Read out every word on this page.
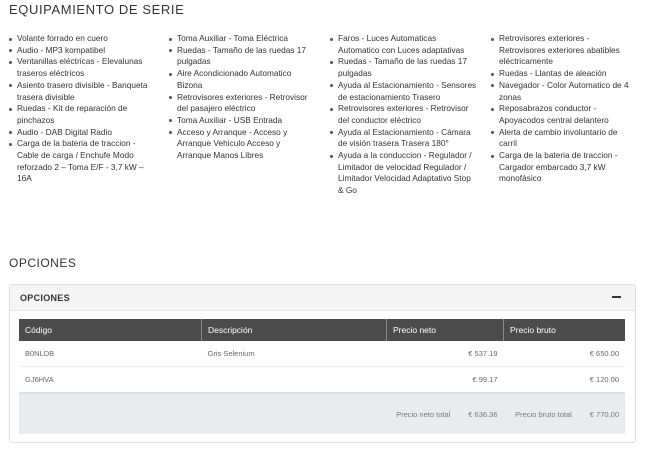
EQUIPAMIENTO DE SERIE
Volante forrado en cuero
Audio - MP3 kompatibel
Ventanillas eléctricas - Elevalunas traseros eléctricos
Asiento trasero divisible - Banqueta trasera divisible
Ruedas - Kit de reparación de pinchazos
Audio - DAB Digital Radio
Carga de la bateria de traccion - Cable de carga / Enchufe Modo reforzado 2 – Toma E/F - 3,7 kW – 16A
Toma Auxiliar - Toma Eléctrica
Ruedas - Tamaño de las ruedas 17 pulgadas
Aire Acondicionado Automatico Bizona
Retrovisores exteriores - Retrovisor del pasajero eléctrico
Toma Auxiliar - USB Entrada
Acceso y Arranque - Acceso y Arranque Vehiculo Acceso y Arranque Manos Libres
Faros - Luces Automaticas Automatico con Luces adaptativas
Ruedas - Tamaño de las ruedas 17 pulgadas
Ayuda al Estacionamiento - Sensores de estacionamiento Trasero
Retrovisores exteriores - Retrovisor del conductor eléctrico
Ayuda al Estacionamiento - Cámara de visión trasera Trasera 180°
Ayuda a la conduccion - Regulador / Limitador de velocidad Regulador / Limitador Velocidad Adaptativo Stop & Go
Retrovisores exteriores - Retrovisores exteriores abatibles eléctricamente
Ruedas - Llantas de aleación
Navegador - Color Automatico de 4 zonas
Reposabrazos conductor - Apoyacodos central delantero
Alerta de cambio involuntario de carril
Carga de la bateria de traccion - Cargador embarcado 3,7 kW monofásico
OPCIONES
OPCIONES
Código	Descripción	Precio neto	Precio bruto
B0NLDB	Gris Selenium	€ 537.19	€ 650.00
GJ6HVA		€ 99.17	€ 120.00
		Precio neto total € 636.36	Precio bruto total € 770.00
